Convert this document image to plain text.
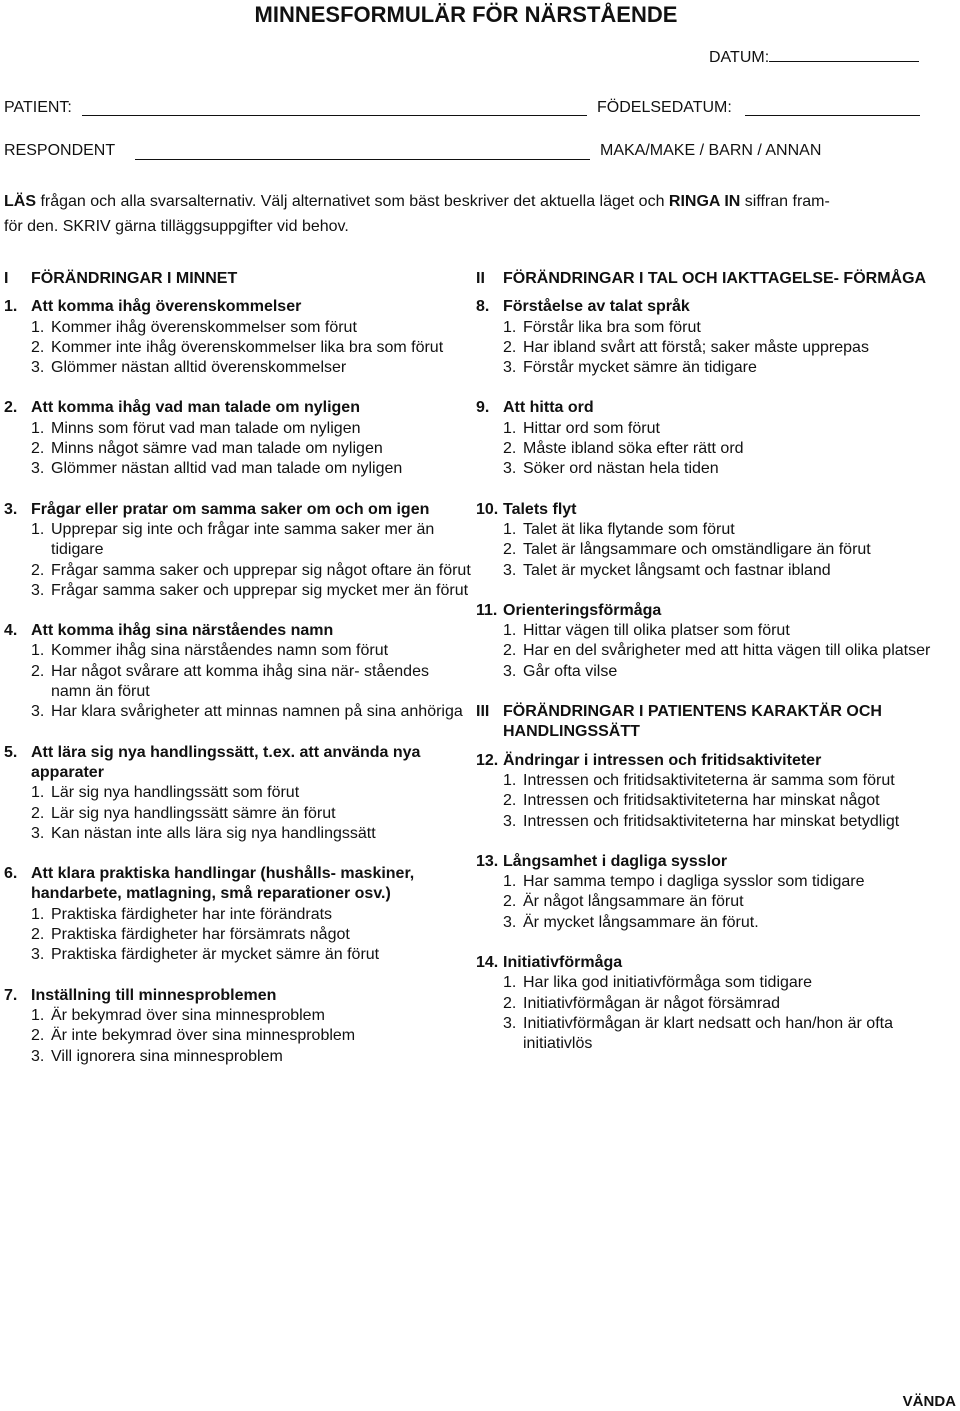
MINNESFORMULÄR FÖR NÄRSTÅENDE
DATUM:
PATIENT:	FÖDELSEDATUM:
RESPONDENT	MAKA/MAKE / BARN / ANNAN

LÄS frågan och alla svarsalternativ. Välj alternativet som bäst beskriver det aktuella läget och RINGA IN siffran fram-

för den. SKRIV gärna tilläggsuppgifter vid behov.

I FÖRÄNDRINGAR I MINNET
1. Att komma ihåg överenskommelser
1. Kommer ihåg överenskommelser som förut
2. Kommer inte ihåg överenskommelser lika bra som förut
3. Glömmer nästan alltid överenskommelser
2. Att komma ihåg vad man talade om nyligen
1. Minns som förut vad man talade om nyligen
2. Minns något sämre vad man talade om nyligen
3. Glömmer nästan alltid vad man talade om nyligen
3. Frågar eller pratar om samma saker om och om igen
1. Upprepar sig inte och frågar inte samma saker mer än tidigare
2. Frågar samma saker och upprepar sig något oftare än förut
3. Frågar samma saker och upprepar sig mycket mer än förut
4. Att komma ihåg sina närståendes namn
1. Kommer ihåg sina närståendes namn som förut
2. Har något svårare att komma ihåg sina när- ståendes namn än förut
3. Har klara svårigheter att minnas namnen på sina anhöriga
5. Att lära sig nya handlingssätt, t.ex. att använda nya apparater
1. Lär sig nya handlingssätt som förut
2. Lär sig nya handlingssätt sämre än förut
3. Kan nästan inte alls lära sig nya handlingssätt
6. Att klara praktiska handlingar (hushålls- maskiner, handarbete, matlagning, små reparationer osv.)
1. Praktiska färdigheter har inte förändrats
2. Praktiska färdigheter har försämrats något
3. Praktiska färdigheter är mycket sämre än förut
7. Inställning till minnesproblemen
1. Är bekymrad över sina minnesproblem
2. Är inte bekymrad över sina minnesproblem
3. Vill ignorera sina minnesproblem
II FÖRÄNDRINGAR I TAL OCH IAKTTAGELSE- FÖRMÅGA
8. Förståelse av talat språk
1. Förstår lika bra som förut
2. Har ibland svårt att förstå; saker måste upprepas
3. Förstår mycket sämre än tidigare
9. Att hitta ord
1. Hittar ord som förut
2. Måste ibland söka efter rätt ord
3. Söker ord nästan hela tiden
10. Talets flyt
1. Talet ät lika flytande som förut
2. Talet är långsammare och omständligare än förut
3. Talet är mycket långsamt och fastnar ibland
11. Orienteringsförmåga
1. Hittar vägen till olika platser som förut
2. Har en del svårigheter med att hitta vägen till olika platser
3. Går ofta vilse
III FÖRÄNDRINGAR I PATIENTENS KARAKTÄR OCH HANDLINGSSÄTT
12. Ändringar i intressen och fritidsaktiviteter
1. Intressen och fritidsaktiviteterna är samma som förut
2. Intressen och fritidsaktiviteterna har minskat något
3. Intressen och fritidsaktiviteterna har minskat betydligt
13. Långsamhet i dagliga sysslor
1. Har samma tempo i dagliga sysslor som tidigare
2. Är något långsammare än förut
3. Är mycket långsammare än förut.
14. Initiativförmåga
1. Har lika god initiativförmåga som tidigare
2. Initiativförmågan är något försämrad
3. Initiativförmågan är klart nedsatt och han/hon är ofta initiativlös
VÄNDA
